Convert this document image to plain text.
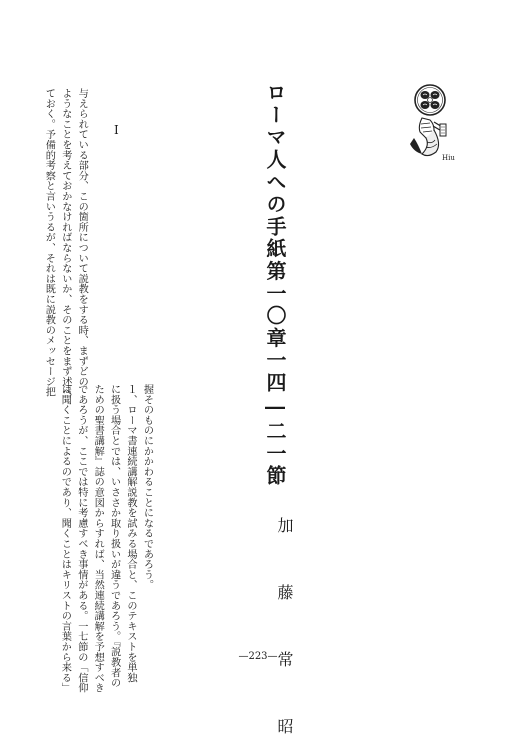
ローマ人への手紙第一〇章一四―二一節
加 藤 常 昭
I

与えられている部分、この箇所について説教をする時、まずどの

ようなことを考えておかなければならないか、そのことをまず述べ

ておく。予備的考察と言いうるが、それは既に説教のメッセージ把

握そのものにかかわることになるであろう。

１、ローマ書連続講解説教を試みる場合と、このテキストを単独

に扱う場合とでは、いささか取り扱いが違うであろう。『説教者の

ための聖書講解』誌の意図からすれば、当然連続講解を予想すべき

であろうが、ここでは特に考慮すべき事情がある。一七節の「信仰

は聞くことによるのであり、聞くことはキリストの言葉から来る」

Hiu

—223—
